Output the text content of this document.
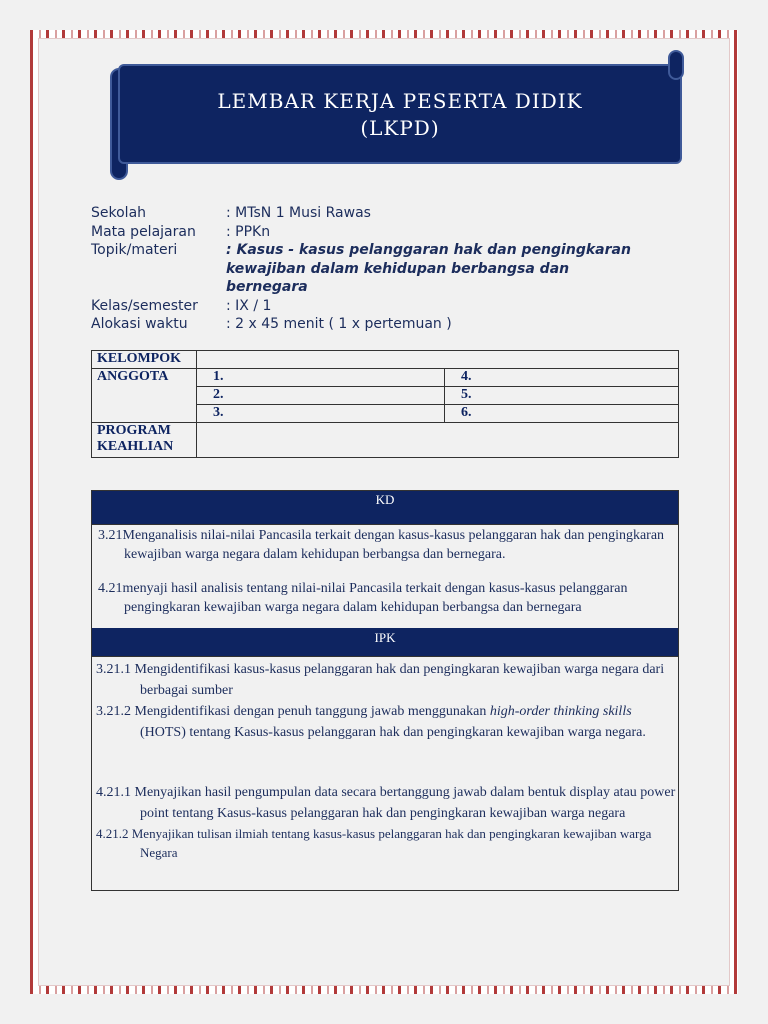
LEMBAR KERJA PESERTA DIDIK
(LKPD)
Sekolah	: MTsN 1 Musi Rawas
Mata pelajaran	: PPKn
Topik/materi	: Kasus - kasus pelanggaran hak dan pengingkaran kewajiban dalam kehidupan berbangsa dan bernegara
Kelas/semester	: IX / 1
Alokasi waktu	: 2 x 45 menit ( 1 x pertemuan )
KELOMPOK		
ANGGOTA	1.	4.
	2.	5.
	3.	6.

PROGRAM
KEAHLIAN		

KD
3.21Menganalisis nilai-nilai Pancasila terkait dengan kasus-kasus pelanggaran hak dan pengingkaran kewajiban warga negara dalam kehidupan berbangsa dan bernegara.
4.21menyaji hasil analisis tentang nilai-nilai Pancasila terkait dengan kasus-kasus pelanggaran pengingkaran kewajiban warga negara dalam kehidupan berbangsa dan bernegara
IPK
3.21.1 Mengidentifikasi kasus-kasus pelanggaran hak dan pengingkaran kewajiban warga negara dari berbagai sumber
3.21.2 Mengidentifikasi dengan penuh tanggung jawab menggunakan high-order thinking skills (HOTS) tentang Kasus-kasus pelanggaran hak dan pengingkaran kewajiban warga negara.
4.21.1 Menyajikan hasil pengumpulan data secara bertanggung jawab dalam bentuk display atau power point tentang Kasus-kasus pelanggaran hak dan pengingkaran kewajiban warga negara
4.21.2 Menyajikan tulisan ilmiah tentang kasus-kasus pelanggaran hak dan pengingkaran kewajiban warga Negara
